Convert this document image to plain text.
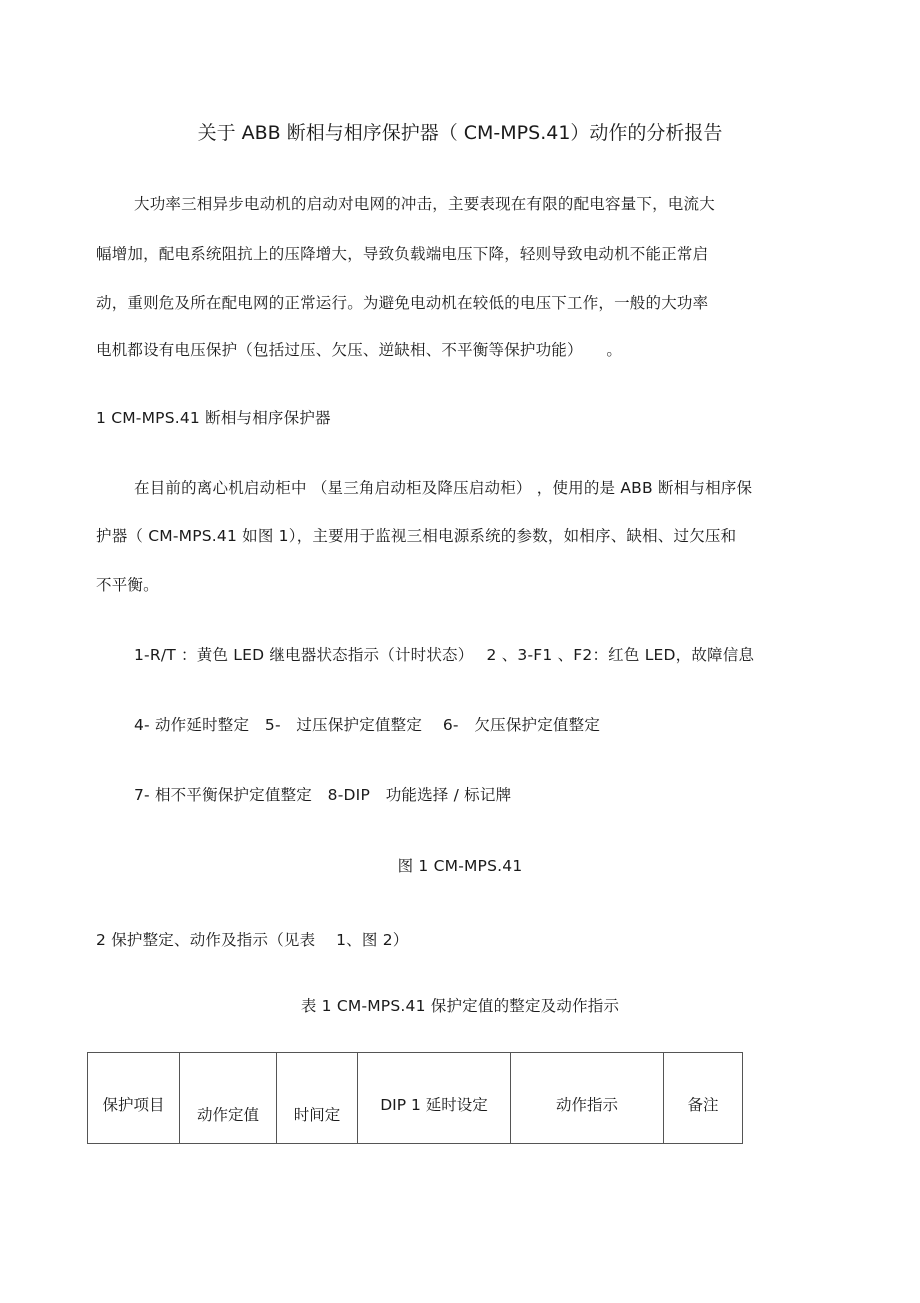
关于 ABB 断相与相序保护器（ CM-MPS.41）动作的分析报告
大功率三相异步电动机的启动对电网的冲击，主要表现在有限的配电容量下，电流大
幅增加，配电系统阻抗上的压降增大，导致负载端电压下降，轻则导致电动机不能正常启
动，重则危及所在配电网的正常运行。为避免电动机在较低的电压下工作，一般的大功率
电机都设有电压保护（包括过压、欠压、逆缺相、不平衡等保护功能）　　。
1 CM-MPS.41 断相与相序保护器
在目前的离心机启动柜中 （星三角启动柜及降压启动柜） ，使用的是 ABB 断相与相序保
护器（ CM-MPS.41 如图 1），主要用于监视三相电源系统的参数，如相序、缺相、过欠压和
不平衡。
1-R/T ：黄色 LED 继电器状态指示（计时状态）　 2 、3-F1 、F2：红色 LED，故障信息
4- 动作延时整定　5-　过压保护定值整定　 6-　欠压保护定值整定
7- 相不平衡保护定值整定　8-DIP　功能选择 / 标记牌
图 1 CM-MPS.41
2 保护整定、动作及指示（见表　 1、图 2）
表 1 CM-MPS.41 保护定值的整定及动作指示
保护项目	动作定值	时间定	DIP 1 延时设定	动作指示	备注
